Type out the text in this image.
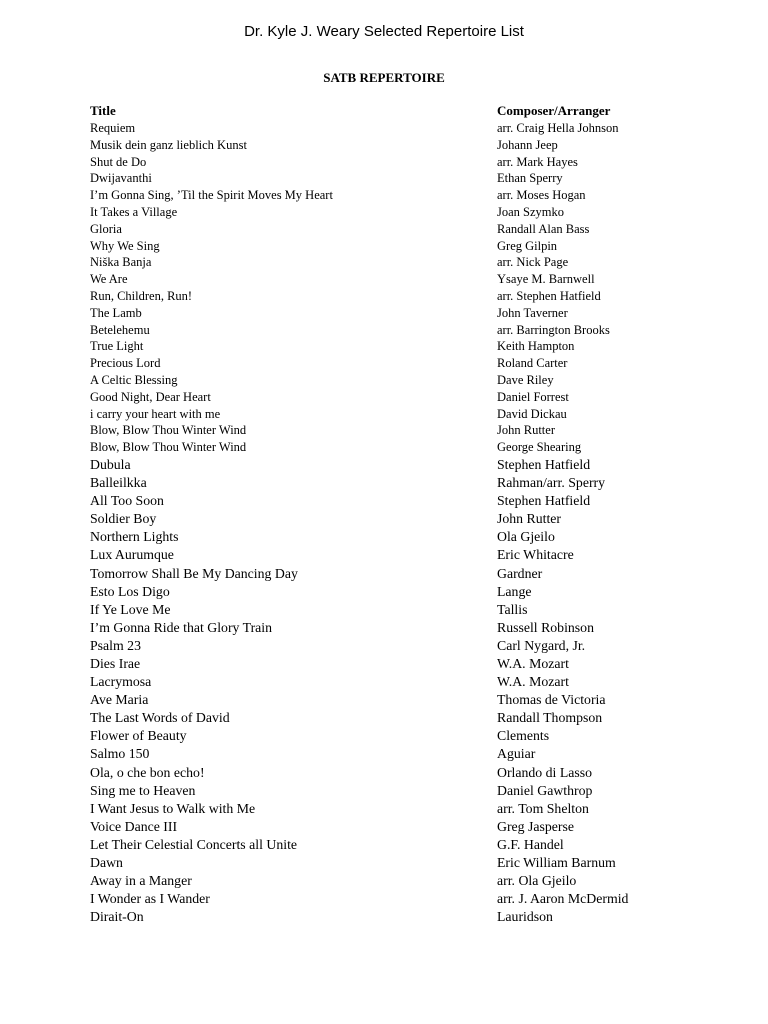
Dr. Kyle J. Weary Selected Repertoire List
SATB REPERTOIRE
Title	Composer/Arranger
Requiem	arr. Craig Hella Johnson
Musik dein ganz lieblich Kunst	Johann Jeep
Shut de Do	arr. Mark Hayes
Dwijavanthi	Ethan Sperry
I’m Gonna Sing, ’Til the Spirit Moves My Heart	arr. Moses Hogan
It Takes a Village	Joan Szymko
Gloria	Randall Alan Bass
Why We Sing	Greg Gilpin
Niška Banja	arr. Nick Page
We Are	Ysaye M. Barnwell
Run, Children, Run!	arr. Stephen Hatfield
The Lamb	John Taverner
Betelehemu	arr. Barrington Brooks
True Light	Keith Hampton
Precious Lord	Roland Carter
A Celtic Blessing	Dave Riley
Good Night, Dear Heart	Daniel Forrest
i carry your heart with me	David Dickau
Blow, Blow Thou Winter Wind	John Rutter
Blow, Blow Thou Winter Wind	George Shearing
Dubula	Stephen Hatfield
Balleilkka	Rahman/arr. Sperry
All Too Soon	Stephen Hatfield
Soldier Boy	John Rutter
Northern Lights	Ola Gjeilo
Lux Aurumque	Eric Whitacre
Tomorrow Shall Be My Dancing Day	Gardner
Esto Los Digo	Lange
If Ye Love Me	Tallis
I’m Gonna Ride that Glory Train	Russell Robinson
Psalm 23	Carl Nygard, Jr.
Dies Irae	W.A. Mozart
Lacrymosa	W.A. Mozart
Ave Maria	Thomas de Victoria
The Last Words of David	Randall Thompson
Flower of Beauty	Clements
Salmo 150	Aguiar
Ola, o che bon echo!	Orlando di Lasso
Sing me to Heaven	Daniel Gawthrop
I Want Jesus to Walk with Me	arr. Tom Shelton
Voice Dance III	Greg Jasperse
Let Their Celestial Concerts all Unite	G.F. Handel
Dawn	Eric William Barnum
Away in a Manger	arr. Ola Gjeilo
I Wonder as I Wander	arr. J. Aaron McDermid
Dirait-On	Lauridson
